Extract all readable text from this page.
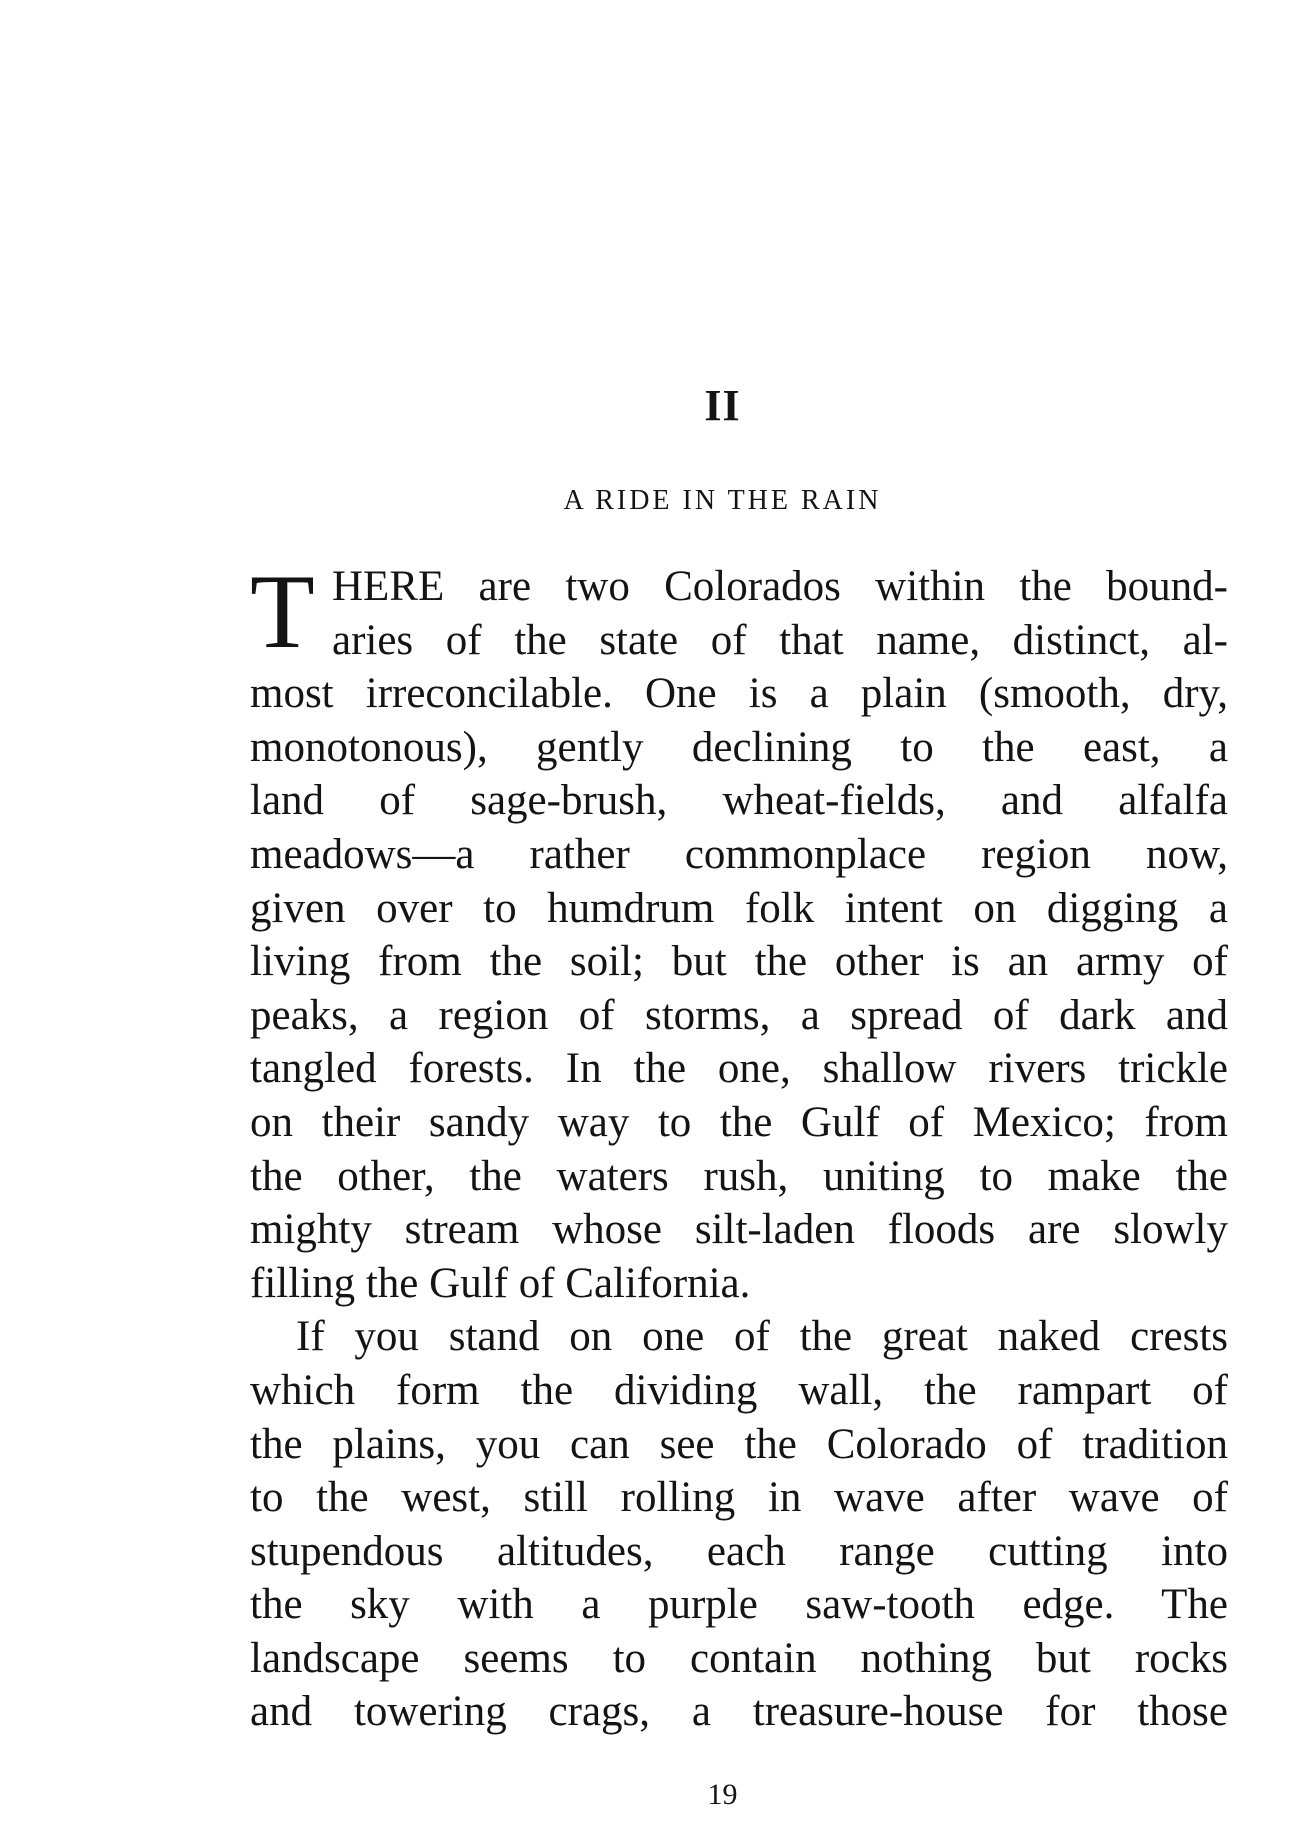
II
A RIDE IN THE RAIN
T HERE are two Colorados within the bound-
aries of the state of that name, distinct, al-
most irreconcilable. One is a plain (smooth, dry,
monotonous), gently declining to the east, a
land of sage-brush, wheat-fields, and alfalfa
meadows—a rather commonplace region now,
given over to humdrum folk intent on digging a
living from the soil; but the other is an army of
peaks, a region of storms, a spread of dark and
tangled forests. In the one, shallow rivers trickle
on their sandy way to the Gulf of Mexico; from
the other, the waters rush, uniting to make the
mighty stream whose silt-laden floods are slowly
filling the Gulf of California.
If you stand on one of the great naked crests
which form the dividing wall, the rampart of
the plains, you can see the Colorado of tradition
to the west, still rolling in wave after wave of
stupendous altitudes, each range cutting into
the sky with a purple saw-tooth edge. The
landscape seems to contain nothing but rocks
and towering crags, a treasure-house for those
19
